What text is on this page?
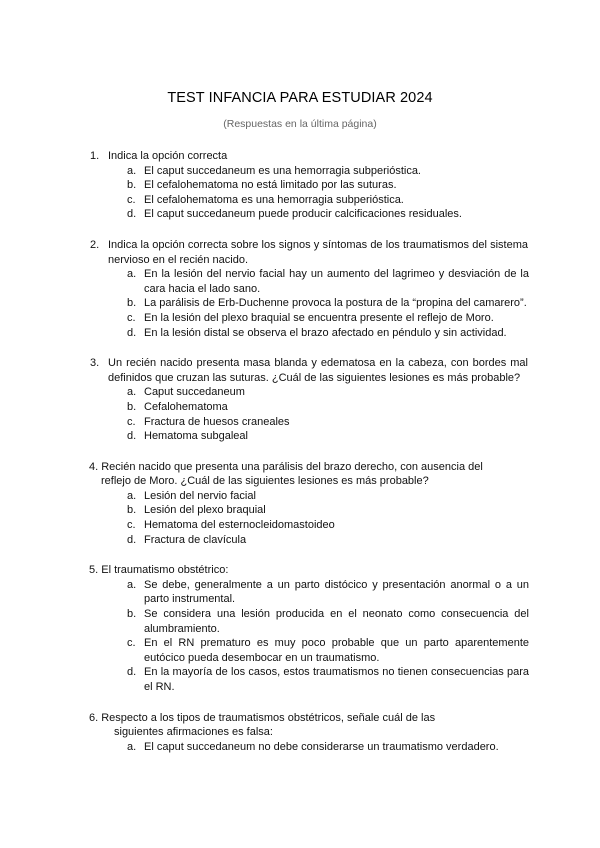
TEST INFANCIA PARA ESTUDIAR 2024
(Respuestas en la última página)
1. Indica la opción correcta
a. El caput succedaneum es una hemorragia subperióstica.
b. El cefalohematoma no está limitado por las suturas.
c. El cefalohematoma es una hemorragia subperióstica.
d. El caput succedaneum puede producir calcificaciones residuales.
2. Indica la opción correcta sobre los signos y síntomas de los traumatismos del sistema nervioso en el recién nacido.
a. En la lesión del nervio facial hay un aumento del lagrimeo y desviación de la cara hacia el lado sano.
b. La parálisis de Erb-Duchenne provoca la postura de la “propina del camarero”.
c. En la lesión del plexo braquial se encuentra presente el reflejo de Moro.
d. En la lesión distal se observa el brazo afectado en péndulo y sin actividad.
3. Un recién nacido presenta masa blanda y edematosa en la cabeza, con bordes mal definidos que cruzan las suturas. ¿Cuál de las siguientes lesiones es más probable?
a. Caput succedaneum
b. Cefalohematoma
c. Fractura de huesos craneales
d. Hematoma subgaleal
4. Recién nacido que presenta una parálisis del brazo derecho, con ausencia del
reflejo de Moro. ¿Cuál de las siguientes lesiones es más probable?
a. Lesión del nervio facial
b. Lesión del plexo braquial
c. Hematoma del esternocleidomastoideo
d. Fractura de clavícula
5. El traumatismo obstétrico:
a. Se debe, generalmente a un parto distócico y presentación anormal o a un parto instrumental.
b. Se considera una lesión producida en el neonato como consecuencia del alumbramiento.
c. En el RN prematuro es muy poco probable que un parto aparentemente eutócico pueda desembocar en un traumatismo.
d. En la mayoría de los casos, estos traumatismos no tienen consecuencias para el RN.
6. Respecto a los tipos de traumatismos obstétricos, señale cuál de las
siguientes afirmaciones es falsa:
a. El caput succedaneum no debe considerarse un traumatismo verdadero.
